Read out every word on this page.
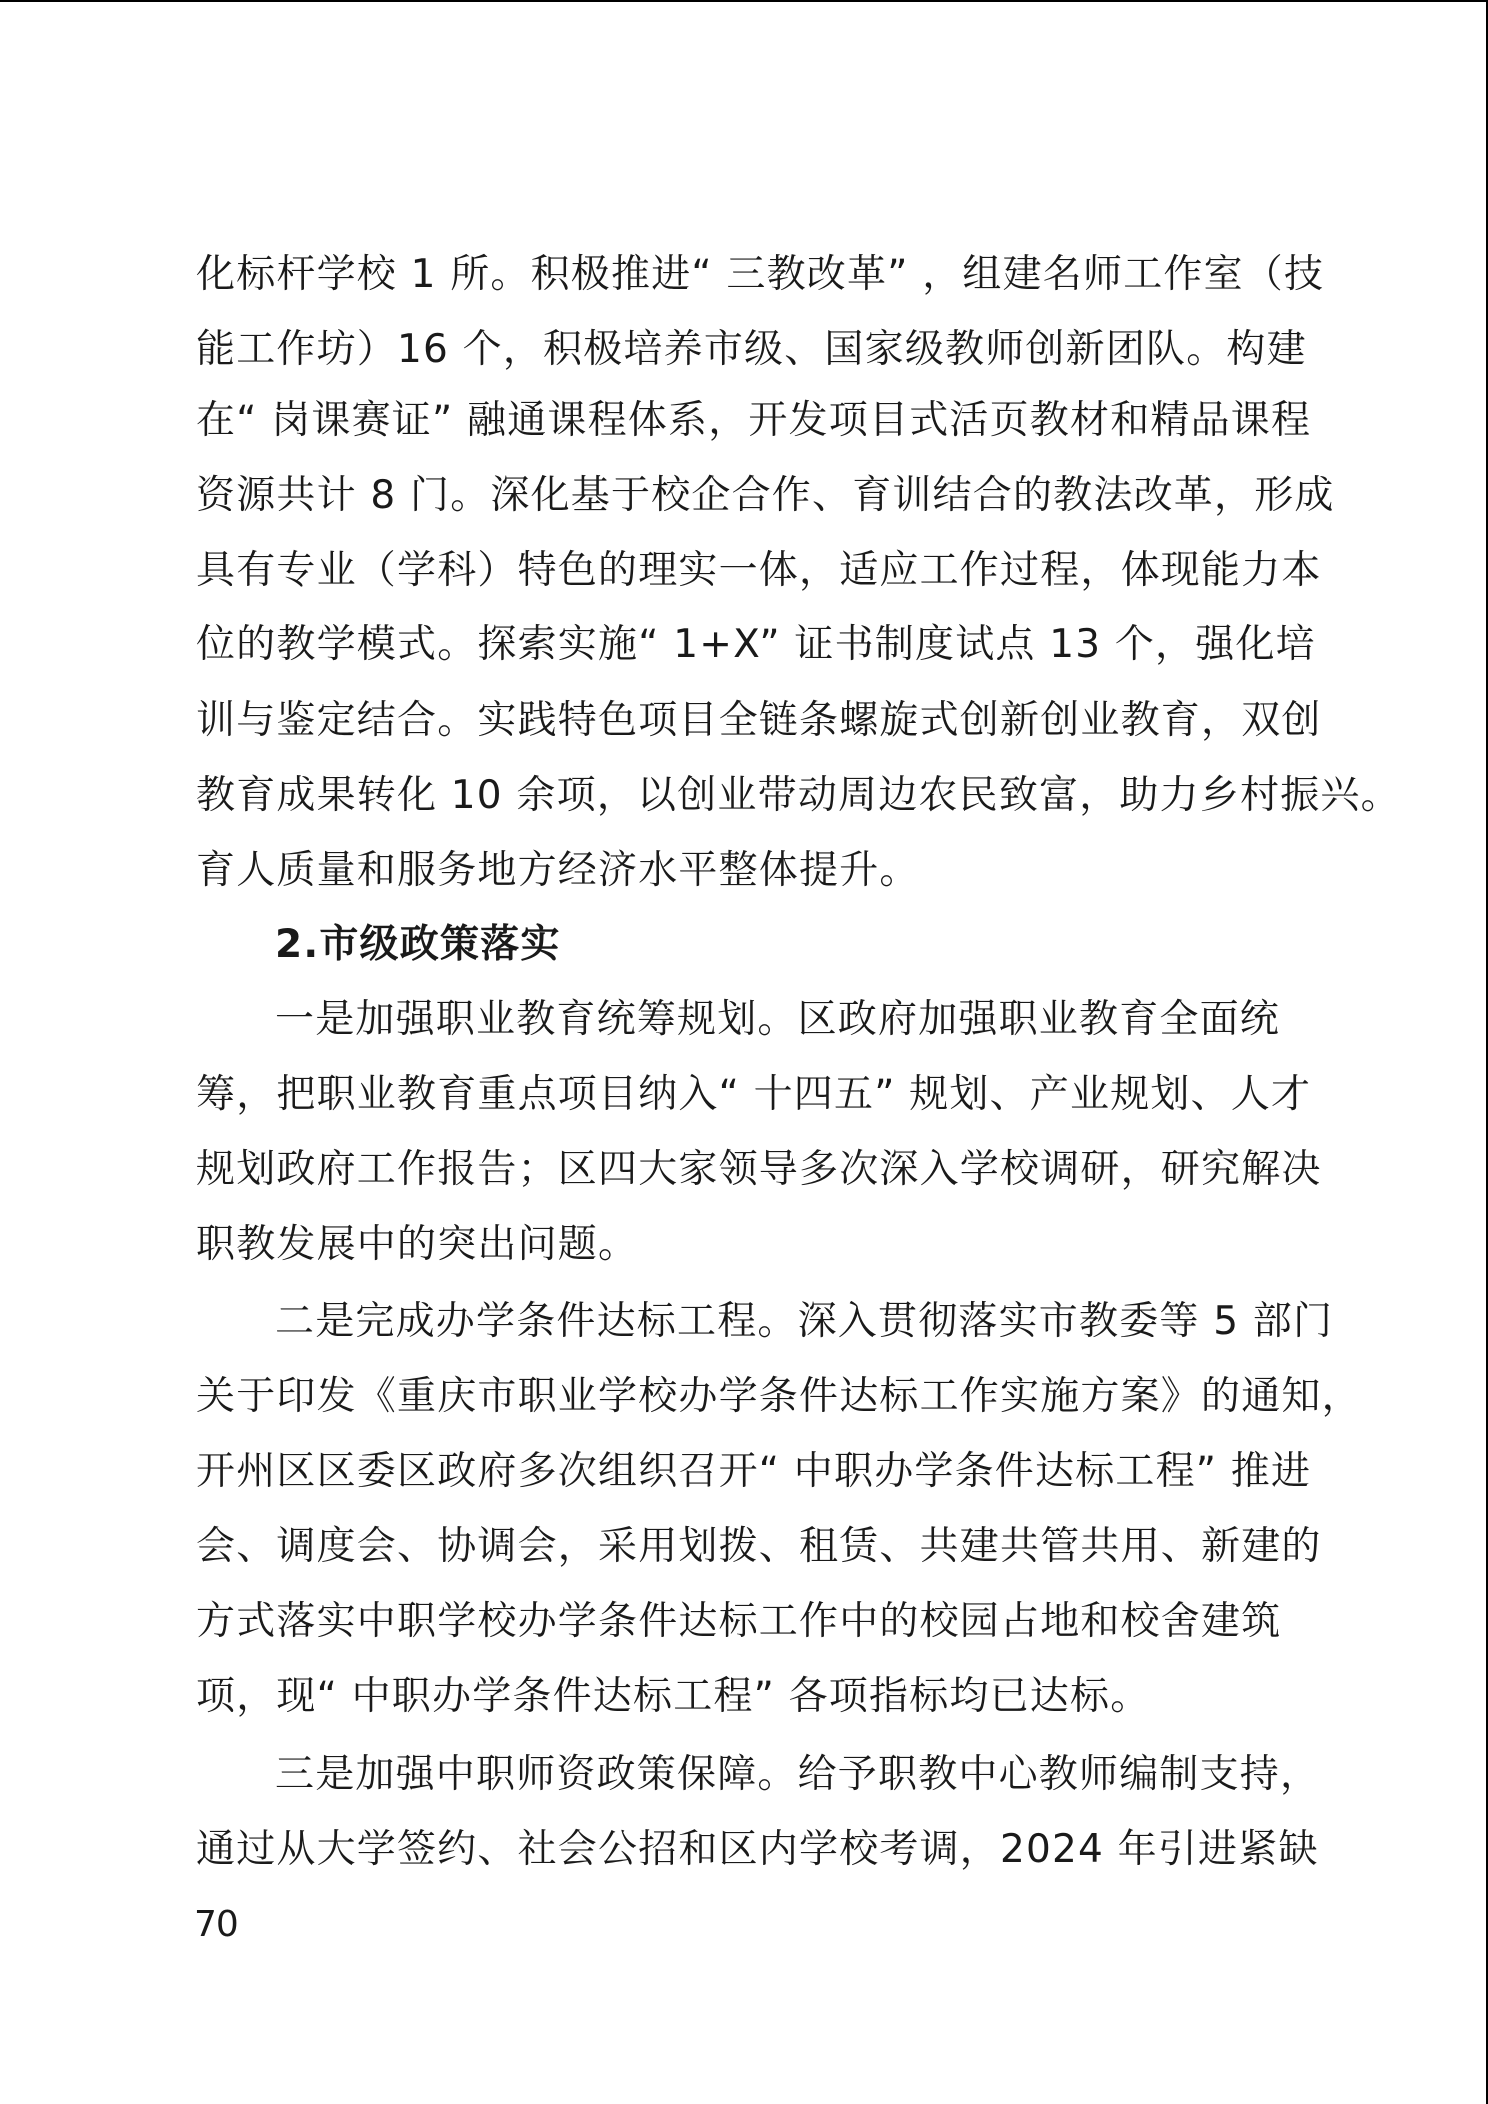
化标杆学校 1 所。积极推进“ 三教改革” ，组建名师工作室（技
能工作坊）16 个，积极培养市级、国家级教师创新团队。构建
在“ 岗课赛证” 融通课程体系，开发项目式活页教材和精品课程
资源共计 8 门。深化基于校企合作、育训结合的教法改革，形成
具有专业（学科）特色的理实一体，适应工作过程，体现能力本
位的教学模式。探索实施“ 1+X” 证书制度试点 13 个，强化培
训与鉴定结合。实践特色项目全链条螺旋式创新创业教育，双创
教育成果转化 10 余项，以创业带动周边农民致富，助力乡村振兴。
育人质量和服务地方经济水平整体提升。
2.市级政策落实
一是加强职业教育统筹规划。区政府加强职业教育全面统
筹，把职业教育重点项目纳入“ 十四五” 规划、产业规划、人才
规划政府工作报告；区四大家领导多次深入学校调研，研究解决
职教发展中的突出问题。
二是完成办学条件达标工程。深入贯彻落实市教委等 5 部门
关于印发《重庆市职业学校办学条件达标工作实施方案》的通知，
开州区区委区政府多次组织召开“ 中职办学条件达标工程” 推进
会、调度会、协调会，采用划拨、租赁、共建共管共用、新建的
方式落实中职学校办学条件达标工作中的校园占地和校舍建筑
项，现“ 中职办学条件达标工程” 各项指标均已达标。
三是加强中职师资政策保障。给予职教中心教师编制支持，
通过从大学签约、社会公招和区内学校考调，2024 年引进紧缺
70
